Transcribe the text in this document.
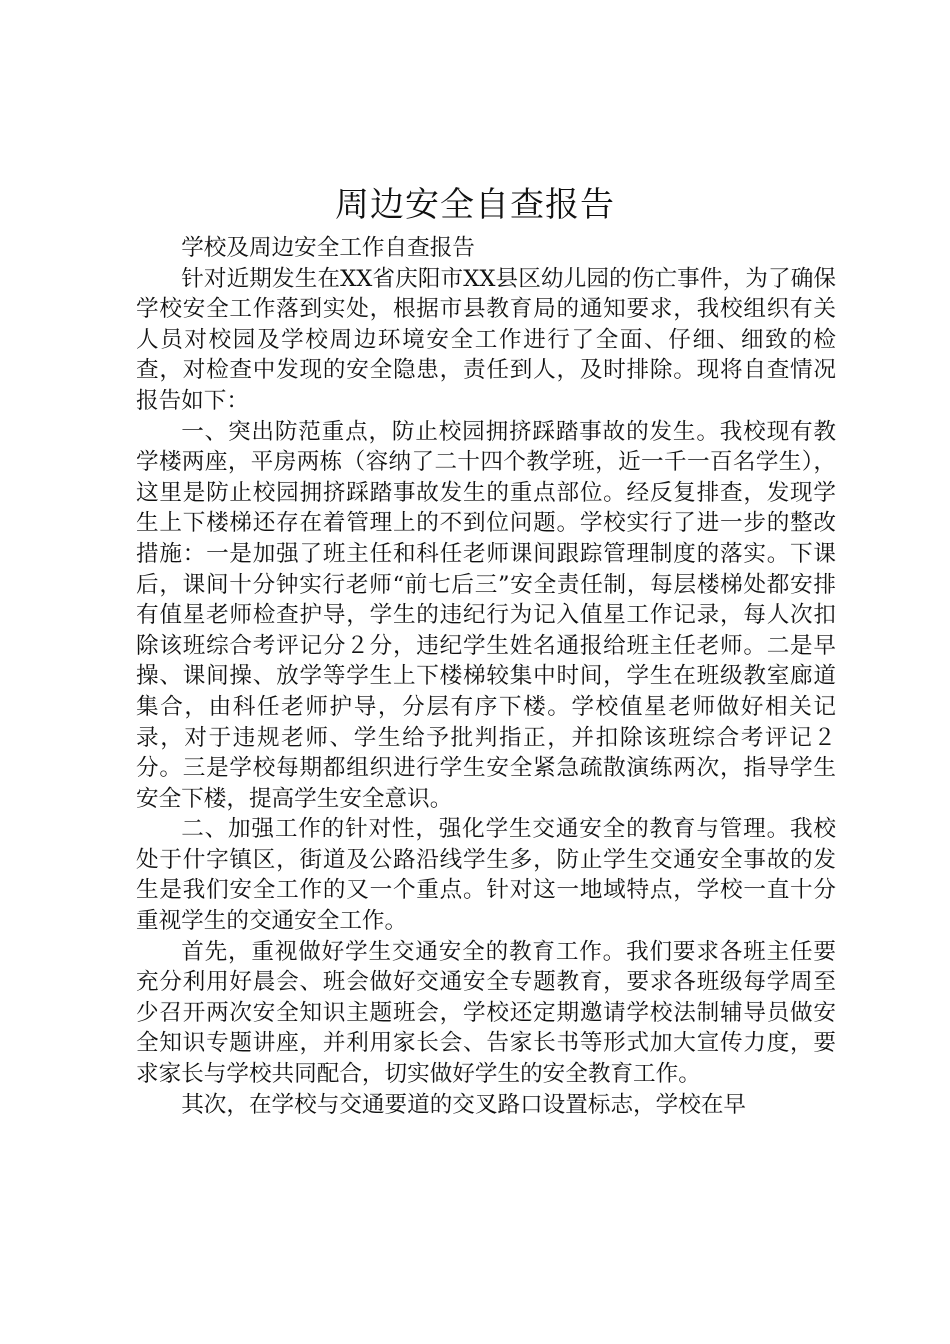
周边安全自查报告

学校及周边安全工作自查报告

针对近期发生在XX省庆阳市XX县区幼儿园的伤亡事件，为了确保学校安全工作落到实处，根据市县教育局的通知要求，我校组织有关人员对校园及学校周边环境安全工作进行了全面、仔细、细致的检查，对检查中发现的安全隐患，责任到人，及时排除。现将自查情况报告如下：

一、突出防范重点，防止校园拥挤踩踏事故的发生。我校现有教学楼两座，平房两栋（容纳了二十四个教学班，近一千一百名学生），这里是防止校园拥挤踩踏事故发生的重点部位。经反复排查，发现学生上下楼梯还存在着管理上的不到位问题。学校实行了进一步的整改措施：一是加强了班主任和科任老师课间跟踪管理制度的落实。下课后，课间十分钟实行老师“前七后三”安全责任制，每层楼梯处都安排有值星老师检查护导，学生的违纪行为记入值星工作记录，每人次扣除该班综合考评记分２分，违纪学生姓名通报给班主任老师。二是早操、课间操、放学等学生上下楼梯较集中时间，学生在班级教室廊道集合，由科任老师护导，分层有序下楼。学校值星老师做好相关记录，对于违规老师、学生给予批判指正，并扣除该班综合考评记２分。三是学校每期都组织进行学生安全紧急疏散演练两次，指导学生安全下楼，提高学生安全意识。

二、加强工作的针对性，强化学生交通安全的教育与管理。我校处于什字镇区，街道及公路沿线学生多，防止学生交通安全事故的发生是我们安全工作的又一个重点。针对这一地域特点，学校一直十分重视学生的交通安全工作。

首先，重视做好学生交通安全的教育工作。我们要求各班主任要充分利用好晨会、班会做好交通安全专题教育，要求各班级每学周至少召开两次安全知识主题班会，学校还定期邀请学校法制辅导员做安全知识专题讲座，并利用家长会、告家长书等形式加大宣传力度，要求家长与学校共同配合，切实做好学生的安全教育工作。

其次，在学校与交通要道的交叉路口设置标志，学校在早
